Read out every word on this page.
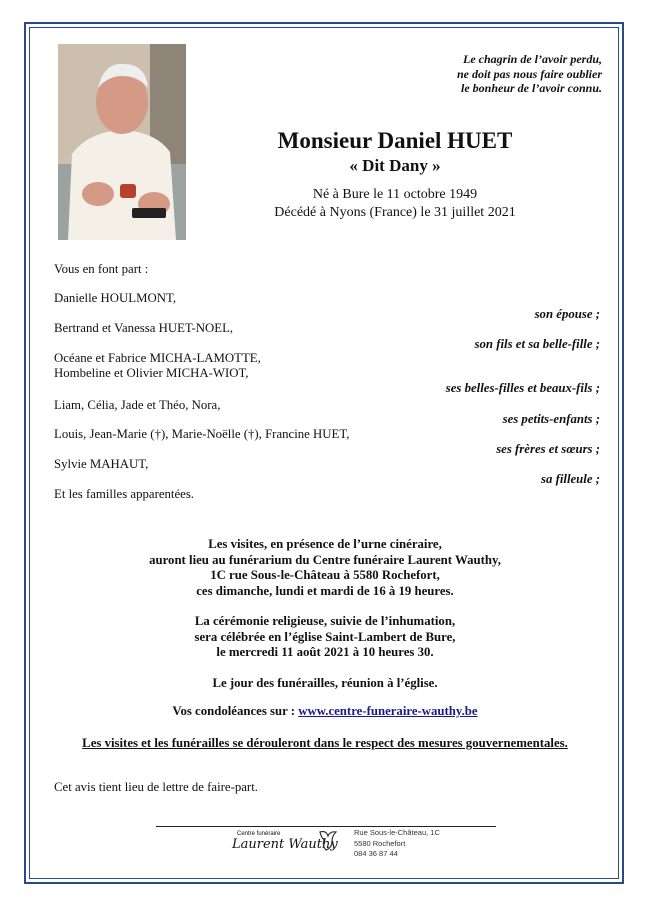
Le chagrin de l’avoir perdu,
ne doit pas nous faire oublier
le bonheur de l’avoir connu.
Monsieur Daniel HUET
« Dit Dany »
Né à Bure le 11 octobre 1949
Décédé à Nyons (France) le 31 juillet 2021
Vous en font part :
Danielle HOULMONT,
son épouse ;
Bertrand et Vanessa HUET-NOEL,
son fils et sa belle-fille ;
Océane et Fabrice MICHA-LAMOTTE,
Hombeline et Olivier MICHA-WIOT,
ses belles-filles et beaux-fils ;
Liam, Célia, Jade et Théo, Nora,
ses petits-enfants ;
Louis, Jean-Marie (†), Marie-Noëlle (†), Francine HUET,
ses frères et sœurs ;
Sylvie MAHAUT,
sa filleule ;
Et les familles apparentées.
Les visites, en présence de l’urne cinéraire,
auront lieu au funérarium du Centre funéraire Laurent Wauthy,
1C rue Sous-le-Château à 5580 Rochefort,
ces dimanche, lundi et mardi de 16 à 19 heures.
La cérémonie religieuse, suivie de l’inhumation,
sera célébrée en l’église Saint-Lambert de Bure,
le mercredi 11 août 2021 à 10 heures 30.
Le jour des funérailles, réunion à l’église.
Vos condoléances sur : www.centre-funeraire-wauthy.be
Les visites et les funérailles se dérouleront dans le respect des mesures gouvernementales.
Cet avis tient lieu de lettre de faire-part.
Centre funéraire
Laurent Wauthy
Rue Sous-le-Château, 1C
5580 Rochefort
084 36 87 44
